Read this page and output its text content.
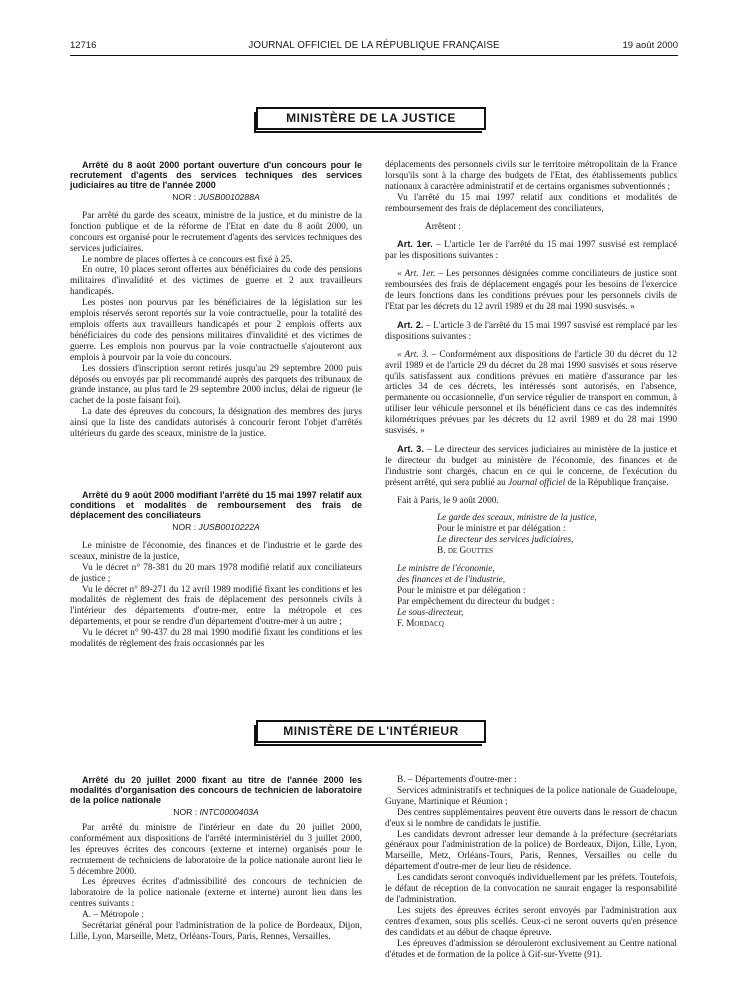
12716	JOURNAL OFFICIEL DE LA RÉPUBLIQUE FRANÇAISE	19 août 2000
MINISTÈRE DE LA JUSTICE

Arrêté du 8 août 2000 portant ouverture d'un concours pour le recrutement d'agents des services techniques des services judiciaires au titre de l'année 2000

NOR : JUSB0010288A

Par arrêté du garde des sceaux, ministre de la justice, et du ministre de la fonction publique et de la réforme de l'Etat en date du 8 août 2000, un concours est organisé pour le recrutement d'agents des services techniques des services judiciaires.

Le nombre de places offertes à ce concours est fixé à 25.

En outre, 10 places seront offertes aux bénéficiaires du code des pensions militaires d'invalidité et des victimes de guerre et 2 aux travailleurs handicapés.

Les postes non pourvus par les bénéficiaires de la législation sur les emplois réservés seront reportés sur la voie contractuelle, pour la totalité des emplois offerts aux travailleurs handicapés et pour 2 emplois offerts aux bénéficiaires du code des pensions militaires d'invalidité et des victimes de guerre. Les emplois non pourvus par la voie contractuelle s'ajouteront aux emplois à pourvoir par la voie du concours.

Les dossiers d'inscription seront retirés jusqu'au 29 septembre 2000 puis déposés ou envoyés par pli recommandé auprès des parquets des tribunaux de grande instance, au plus tard le 29 septembre 2000 inclus, délai de rigueur (le cachet de la poste faisant foi).

La date des épreuves du concours, la désignation des membres des jurys ainsi que la liste des candidats autorisés à concourir feront l'objet d'arrêtés ultérieurs du garde des sceaux, ministre de la justice.

Arrêté du 9 août 2000 modifiant l'arrêté du 15 mai 1997 relatif aux conditions et modalités de remboursement des frais de déplacement des conciliateurs

NOR : JUSB0010222A

Le ministre de l'économie, des finances et de l'industrie et le garde des sceaux, ministre de la justice,

Vu le décret n° 78-381 du 20 mars 1978 modifié relatif aux conciliateurs de justice ;

Vu le décret n° 89-271 du 12 avril 1989 modifié fixant les conditions et les modalités de règlement des frais de déplacement des personnels civils à l'intérieur des départements d'outre-mer, entre la métropole et ces départements, et pour se rendre d'un département d'outre-mer à un autre ;

Vu le décret n° 90-437 du 28 mai 1990 modifié fixant les conditions et les modalités de règlement des frais occasionnés par les

déplacements des personnels civils sur le territoire métropolitain de la France lorsqu'ils sont à la charge des budgets de l'Etat, des établissements publics nationaux à caractère administratif et de certains organismes subventionnés ;

Vu l'arrêté du 15 mai 1997 relatif aux conditions et modalités de remboursement des frais de déplacement des conciliateurs,

Arrêtent :

Art. 1er. – L'article 1er de l'arrêté du 15 mai 1997 susvisé est remplacé par les dispositions suivantes :

« Art. 1er. – Les personnes désignées comme conciliateurs de justice sont remboursées des frais de déplacement engagés pour les besoins de l'exercice de leurs fonctions dans les conditions prévues pour les personnels civils de l'Etat par les décrets du 12 avril 1989 et du 28 mai 1990 susvisés. »

Art. 2. – L'article 3 de l'arrêté du 15 mai 1997 susvisé est remplacé par les dispositions suivantes :

« Art. 3. – Conformément aux dispositions de l'article 30 du décret du 12 avril 1989 et de l'article 29 du décret du 28 mai 1990 susvisés et sous réserve qu'ils satisfassent aux conditions prévues en matière d'assurance par les articles 34 de ces décrets, les intéressés sont autorisés, en l'absence, permanente ou occasionnelle, d'un service régulier de transport en commun, à utiliser leur véhicule personnel et ils bénéficient dans ce cas des indemnités kilométriques prévues par les décrets du 12 avril 1989 et du 28 mai 1990 susvisés. »

Art. 3. – Le directeur des services judiciaires au ministère de la justice et le directeur du budget au ministère de l'économie, des finances et de l'industrie sont chargés, chacun en ce qui le concerne, de l'exécution du présent arrêté, qui sera publié au Journal officiel de la République française.

Fait à Paris, le 9 août 2000.

Le garde des sceaux, ministre de la justice,

Pour le ministre et par délégation :

Le directeur des services judiciaires,

B. de Gouttes

Le ministre de l'économie,

des finances et de l'industrie,

Pour le ministre et par délégation :

Par empêchement du directeur du budget :

Le sous-directeur,

F. Mordacq

MINISTÈRE DE L'INTÉRIEUR

Arrêté du 20 juillet 2000 fixant au titre de l'année 2000 les modalités d'organisation des concours de technicien de laboratoire de la police nationale

NOR : INTC0000403A

Par arrêté du ministre de l'intérieur en date du 20 juillet 2000, conformément aux dispositions de l'arrêté interministériel du 3 juillet 2000, les épreuves écrites des concours (externe et interne) organisés pour le recrutement de techniciens de laboratoire de la police nationale auront lieu le 5 décembre 2000.

Les épreuves écrites d'admissibilité des concours de technicien de laboratoire de la police nationale (externe et interne) auront lieu dans les centres suivants :

A. – Métropole :

Secrétariat général pour l'administration de la police de Bordeaux, Dijon, Lille, Lyon, Marseille, Metz, Orléans-Tours, Paris, Rennes, Versailles.

B. – Départements d'outre-mer :

Services administratifs et techniques de la police nationale de Guadeloupe, Guyane, Martinique et Réunion ;

Des centres supplémentaires peuvent être ouverts dans le ressort de chacun d'eux si le nombre de candidats le justifie.

Les candidats devront adresser leur demande à la préfecture (secrétariats généraux pour l'administration de la police) de Bordeaux, Dijon, Lille, Lyon, Marseille, Metz, Orléans-Tours, Paris, Rennes, Versailles ou celle du département d'outre-mer de leur lieu de résidence.

Les candidats seront convoqués individuellement par les préfets. Toutefois, le défaut de réception de la convocation ne saurait engager la responsabilité de l'administration.

Les sujets des épreuves écrites seront envoyés par l'administration aux centres d'examen, sous plis scellés. Ceux-ci ne seront ouverts qu'en présence des candidats et au début de chaque épreuve.

Les épreuves d'admission se dérouleront exclusivement au Centre national d'études et de formation de la police à Gif-sur-Yvette (91).
